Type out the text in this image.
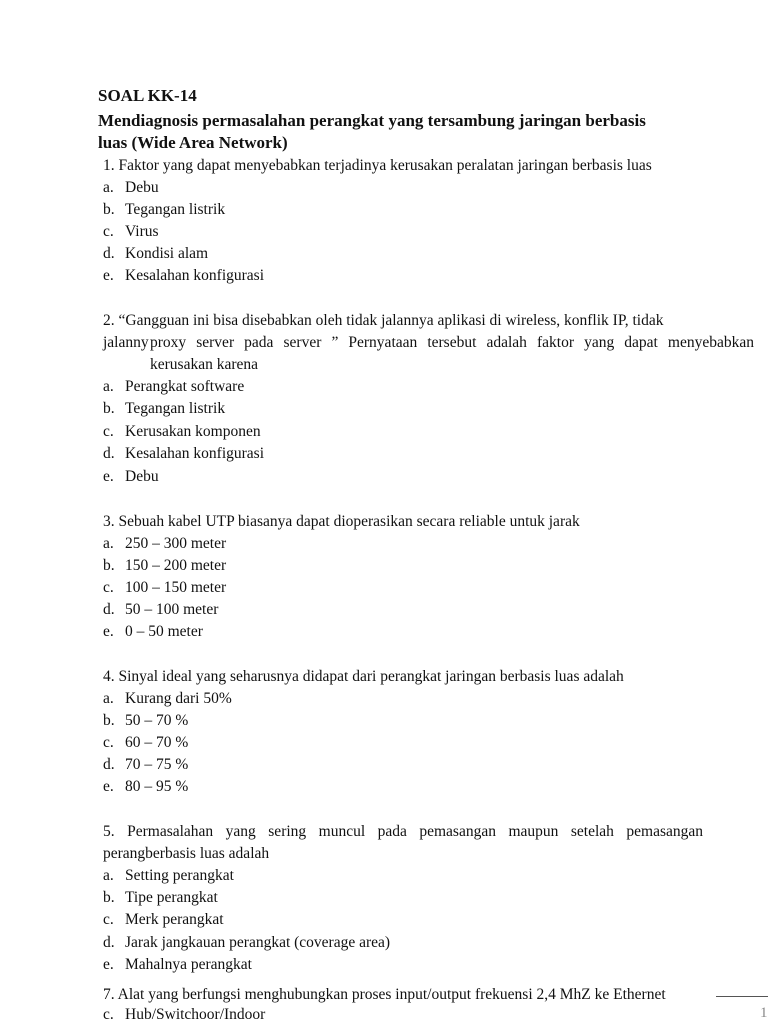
SOAL KK-14
Mendiagnosis permasalahan perangkat yang tersambung jaringan berbasis
luas (Wide Area Network)
1. Faktor yang dapat menyebabkan terjadinya kerusakan peralatan jaringan berbasis luas
a. Debu
b. Tegangan listrik
c. Virus
d. Kondisi alam
e. Kesalahan konfigurasi
2. “Gangguan ini bisa disebabkan oleh tidak jalannya aplikasi di wireless, konflik IP, tidak
jalanny proxy server pada server ” Pernyataan tersebut adalah faktor yang dapat menyebabkan
kerusakan karena
a. Perangkat software
b. Tegangan listrik
c. Kerusakan komponen
d. Kesalahan konfigurasi
e. Debu
3. Sebuah kabel UTP biasanya dapat dioperasikan secara reliable untuk jarak
a. 250 – 300 meter
b. 150 – 200 meter
c. 100 – 150 meter
d. 50 – 100 meter
e. 0 – 50 meter
4. Sinyal ideal yang seharusnya didapat dari perangkat jaringan berbasis luas adalah
a. Kurang dari 50%
b. 50 – 70 %
c. 60 – 70 %
d. 70 – 75 %
e. 80 – 95 %
5. Permasalahan yang sering muncul pada pemasangan maupun setelah pemasangan
perangberbasis luas adalah
a. Setting perangkat
b. Tipe perangkat
c. Merk perangkat
d. Jarak jangkauan perangkat (coverage area)
e. Mahalnya perangkat
7. Alat yang berfungsi menghubungkan proses input/output frekuensi 2,4 MhZ ke Ethernet
c. Hub/Switchoor/Indoor	1
